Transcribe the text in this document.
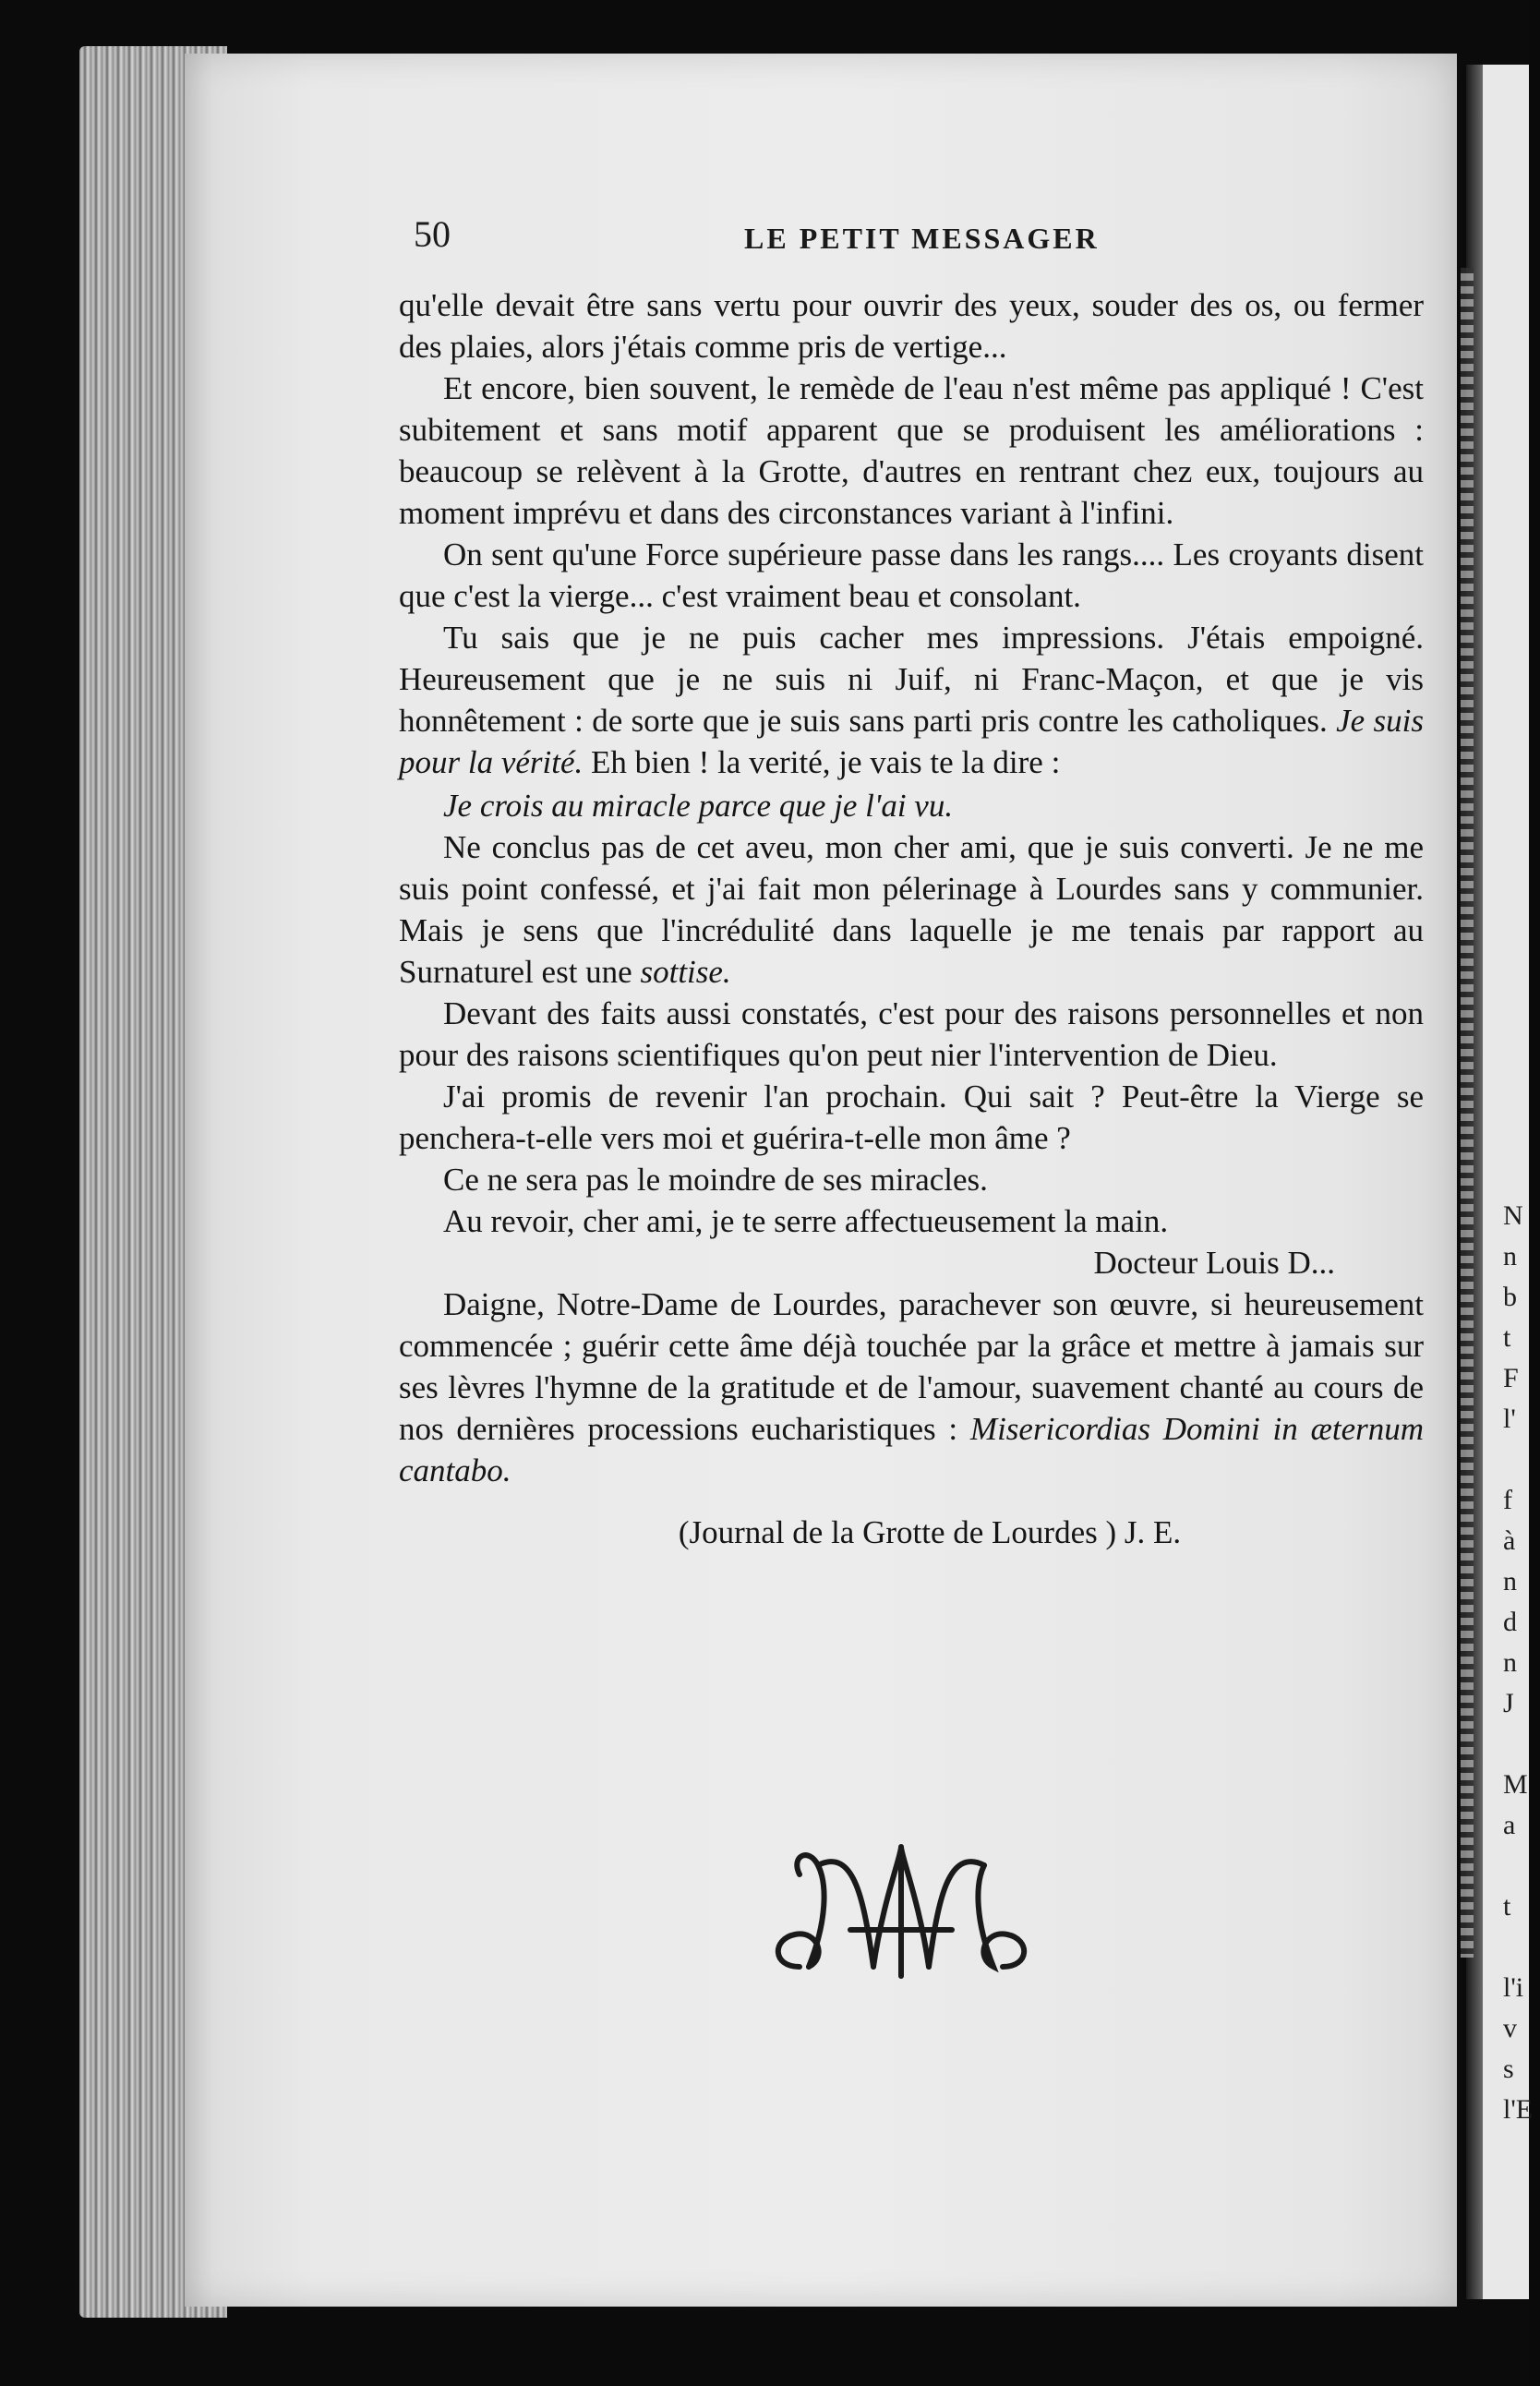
N
n
b
t
F
l'

f
à
n
d
n
J

M
a

t

l'i
v
s
l'E
50	LE PETIT MESSAGER

qu'elle devait être sans vertu pour ouvrir des yeux, souder des os, ou fermer des plaies, alors j'étais comme pris de vertige...

Et encore, bien souvent, le remède de l'eau n'est même pas appliqué ! C'est subitement et sans motif apparent que se produisent les améliorations : beaucoup se relèvent à la Grotte, d'autres en rentrant chez eux, toujours au moment imprévu et dans des circonstances variant à l'infini.

On sent qu'une Force supérieure passe dans les rangs.... Les croyants disent que c'est la vierge... c'est vraiment beau et consolant.

Tu sais que je ne puis cacher mes impressions. J'étais empoigné. Heureusement que je ne suis ni Juif, ni Franc-Maçon, et que je vis honnêtement : de sorte que je suis sans parti pris contre les catholiques. Je suis pour la vérité. Eh bien ! la verité, je vais te la dire :

Je crois au miracle parce que je l'ai vu.

Ne conclus pas de cet aveu, mon cher ami, que je suis converti. Je ne me suis point confessé, et j'ai fait mon pélerinage à Lourdes sans y communier. Mais je sens que l'incrédulité dans laquelle je me tenais par rapport au Surnaturel est une sottise.

Devant des faits aussi constatés, c'est pour des raisons personnelles et non pour des raisons scientifiques qu'on peut nier l'intervention de Dieu.

J'ai promis de revenir l'an prochain. Qui sait ? Peut-être la Vierge se penchera-t-elle vers moi et guérira-t-elle mon âme ?

Ce ne sera pas le moindre de ses miracles.

Au revoir, cher ami, je te serre affectueusement la main.

Docteur Louis D...

Daigne, Notre-Dame de Lourdes, parachever son œuvre, si heureusement commencée ; guérir cette âme déjà touchée par la grâce et mettre à jamais sur ses lèvres l'hymne de la gratitude et de l'amour, suavement chanté au cours de nos dernières processions eucharistiques : Misericordias Domini in æternum cantabo.

(Journal de la Grotte de Lourdes ) J. E.
